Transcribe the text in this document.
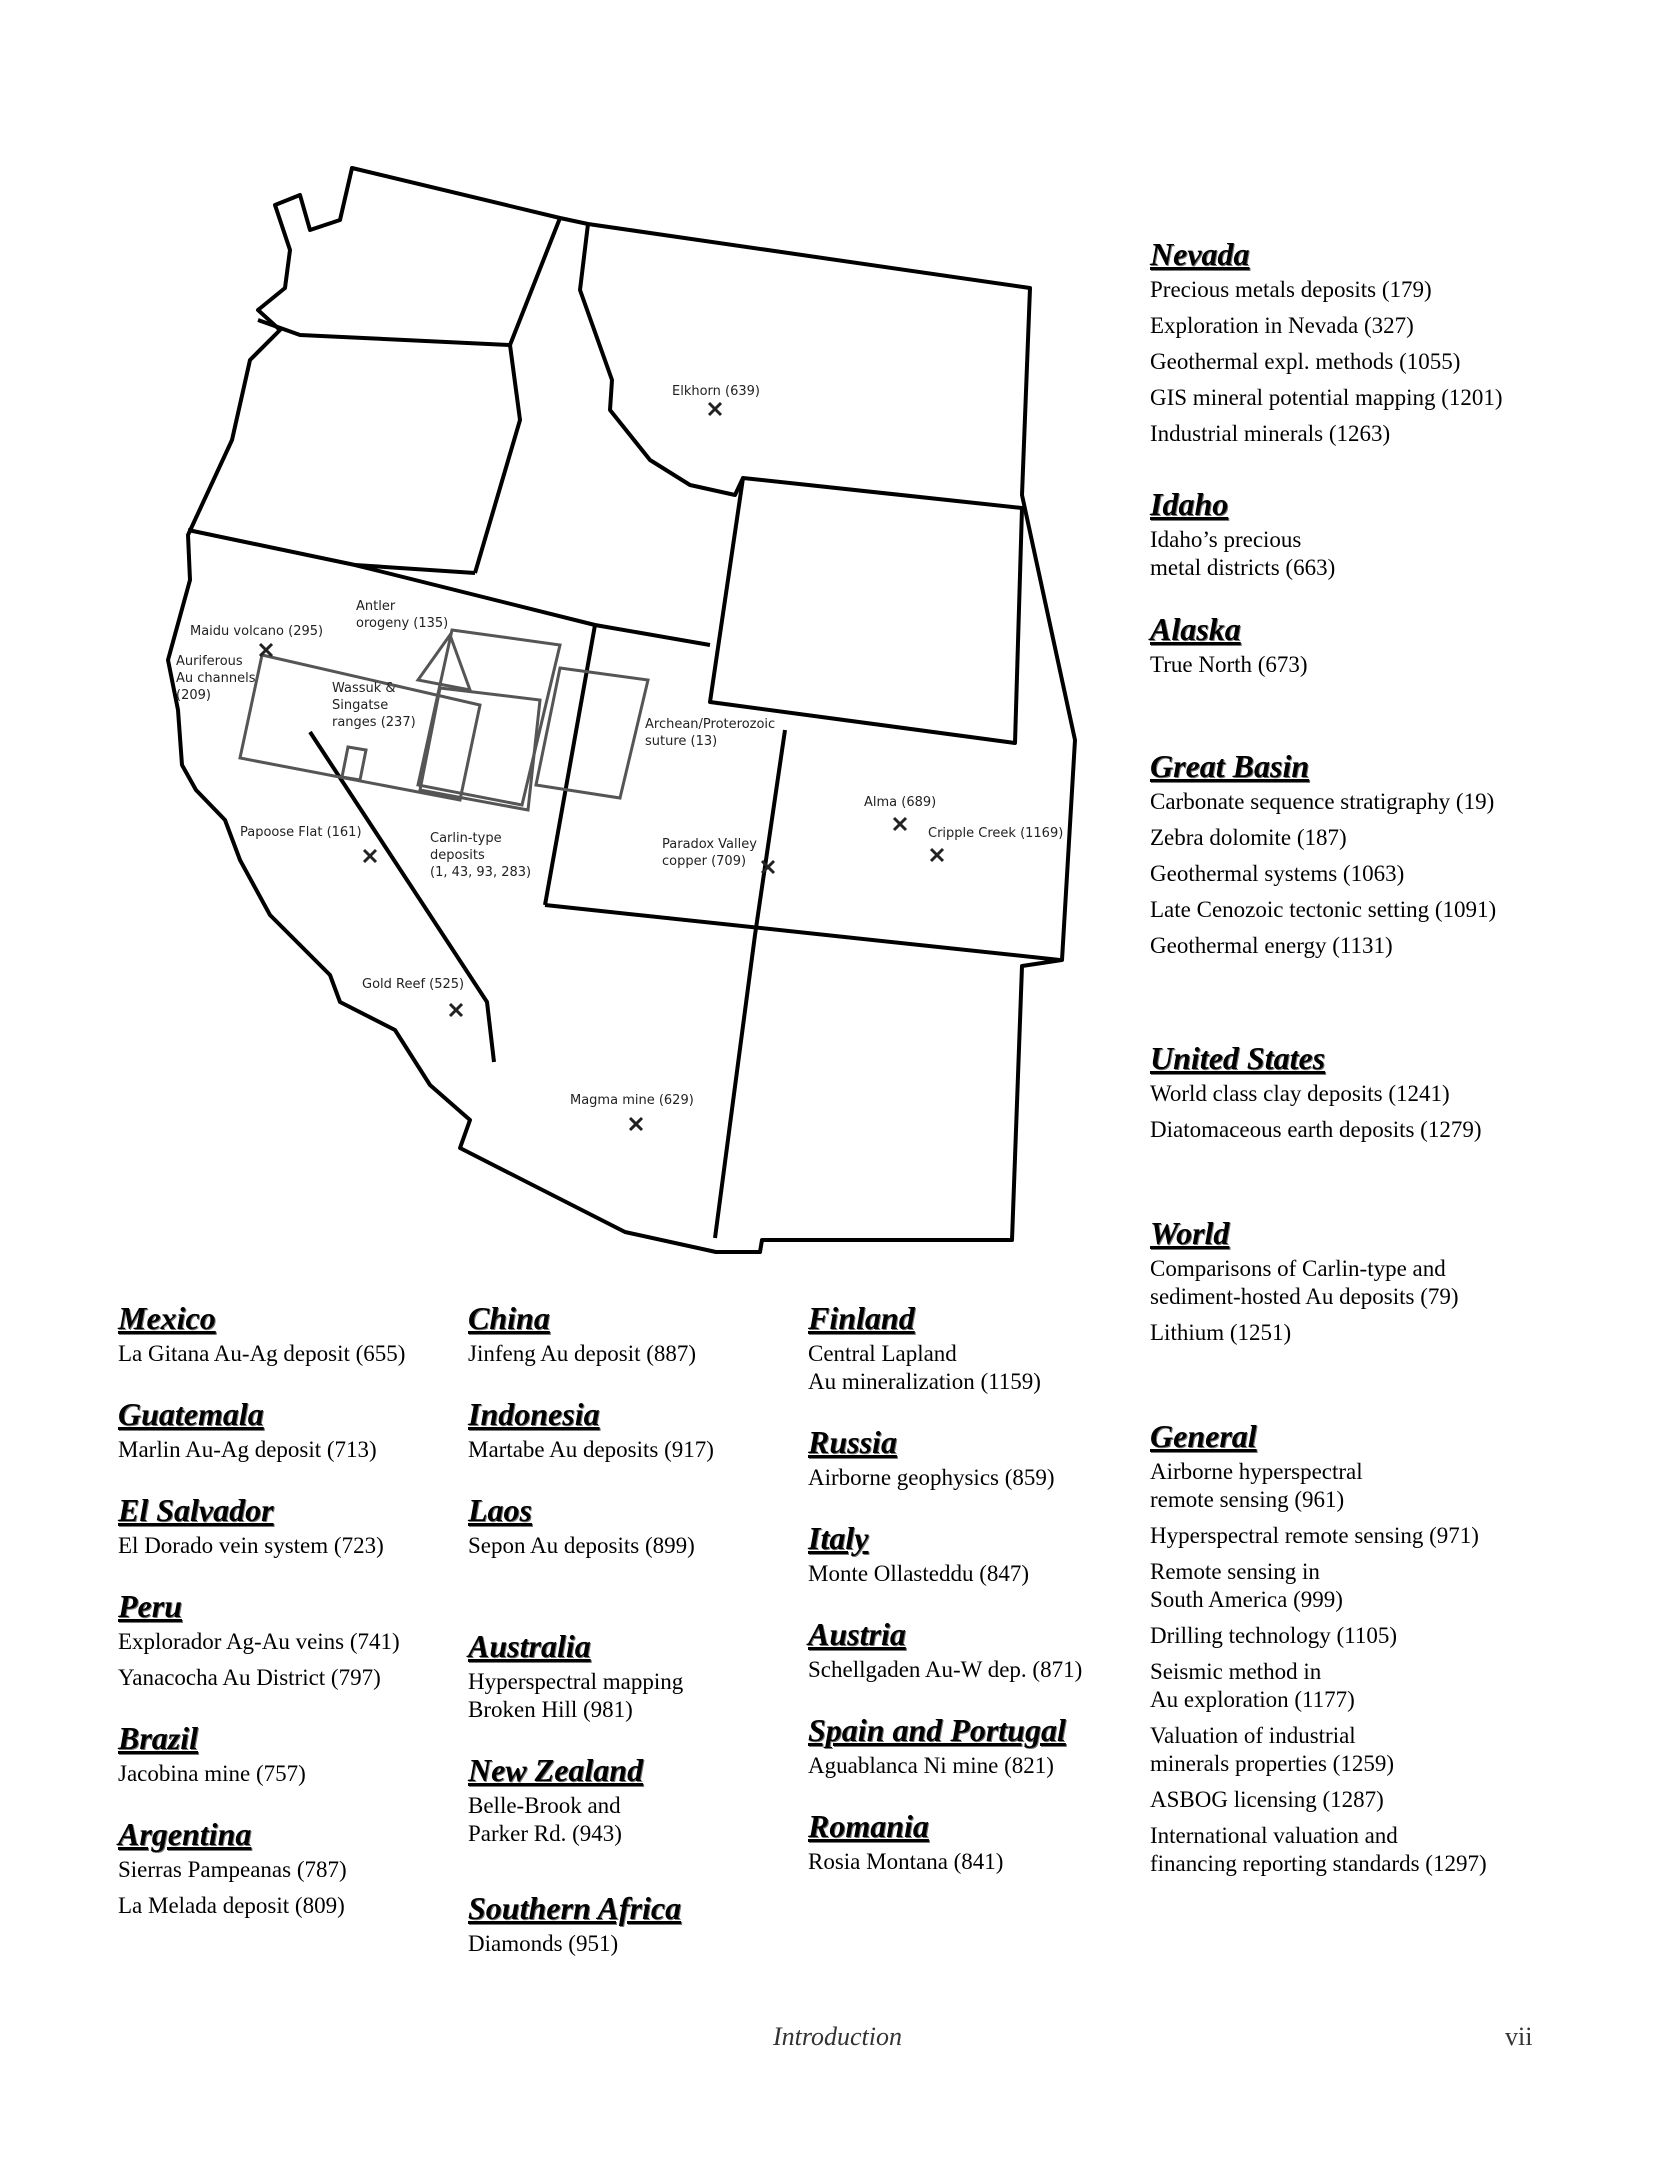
Elkhorn (639)
Antler orogeny (135)
Maidu volcano (295)
Auriferous Au channels (209)	Wassuk & Singatse ranges (237)	Archean/Proterozoic suture (13)
Alma (689)
Cripple Creek (1169)
Papoose Flat (161)	Carlin-type deposits (1, 43, 93, 283)
Paradox Valley copper (709)
Gold Reef (525)
Magma mine (629)
Nevada
Precious metals deposits (179)
Exploration in Nevada (327)
Geothermal expl. methods (1055)
GIS mineral potential mapping (1201)
Industrial minerals (1263)
Idaho
Idaho’s precious
metal districts (663)
Alaska
True North (673)
Great Basin
Carbonate sequence stratigraphy (19)
Zebra dolomite (187)
Geothermal systems (1063)
Late Cenozoic tectonic setting (1091)
Geothermal energy (1131)
United States
World class clay deposits (1241)
Diatomaceous earth deposits (1279)
World
Comparisons of Carlin-type and
sediment-hosted Au deposits (79)
Lithium (1251)
General
Airborne hyperspectral
remote sensing (961)
Hyperspectral remote sensing (971)
Remote sensing in
South America (999)
Drilling technology (1105)
Seismic method in
Au exploration (1177)
Valuation of industrial
minerals properties (1259)
ASBOG licensing (1287)
International valuation and
financing reporting standards (1297)
Mexico
La Gitana Au-Ag deposit (655)
Guatemala
Marlin Au-Ag deposit (713)
El Salvador
El Dorado vein system (723)
Peru
Explorador Ag-Au veins (741)
Yanacocha Au District (797)
Brazil
Jacobina mine (757)
Argentina
Sierras Pampeanas (787)
La Melada deposit (809)
China
Jinfeng Au deposit (887)
Indonesia
Martabe Au deposits (917)
Laos
Sepon Au deposits (899)
Australia
Hyperspectral mapping
Broken Hill (981)
New Zealand
Belle-Brook and
Parker Rd. (943)
Southern Africa
Diamonds (951)
Finland
Central Lapland
Au mineralization (1159)
Russia
Airborne geophysics (859)
Italy
Monte Ollasteddu (847)
Austria
Schellgaden Au-W dep. (871)
Spain and Portugal
Aguablanca Ni mine (821)
Romania
Rosia Montana (841)
Introduction	vii
